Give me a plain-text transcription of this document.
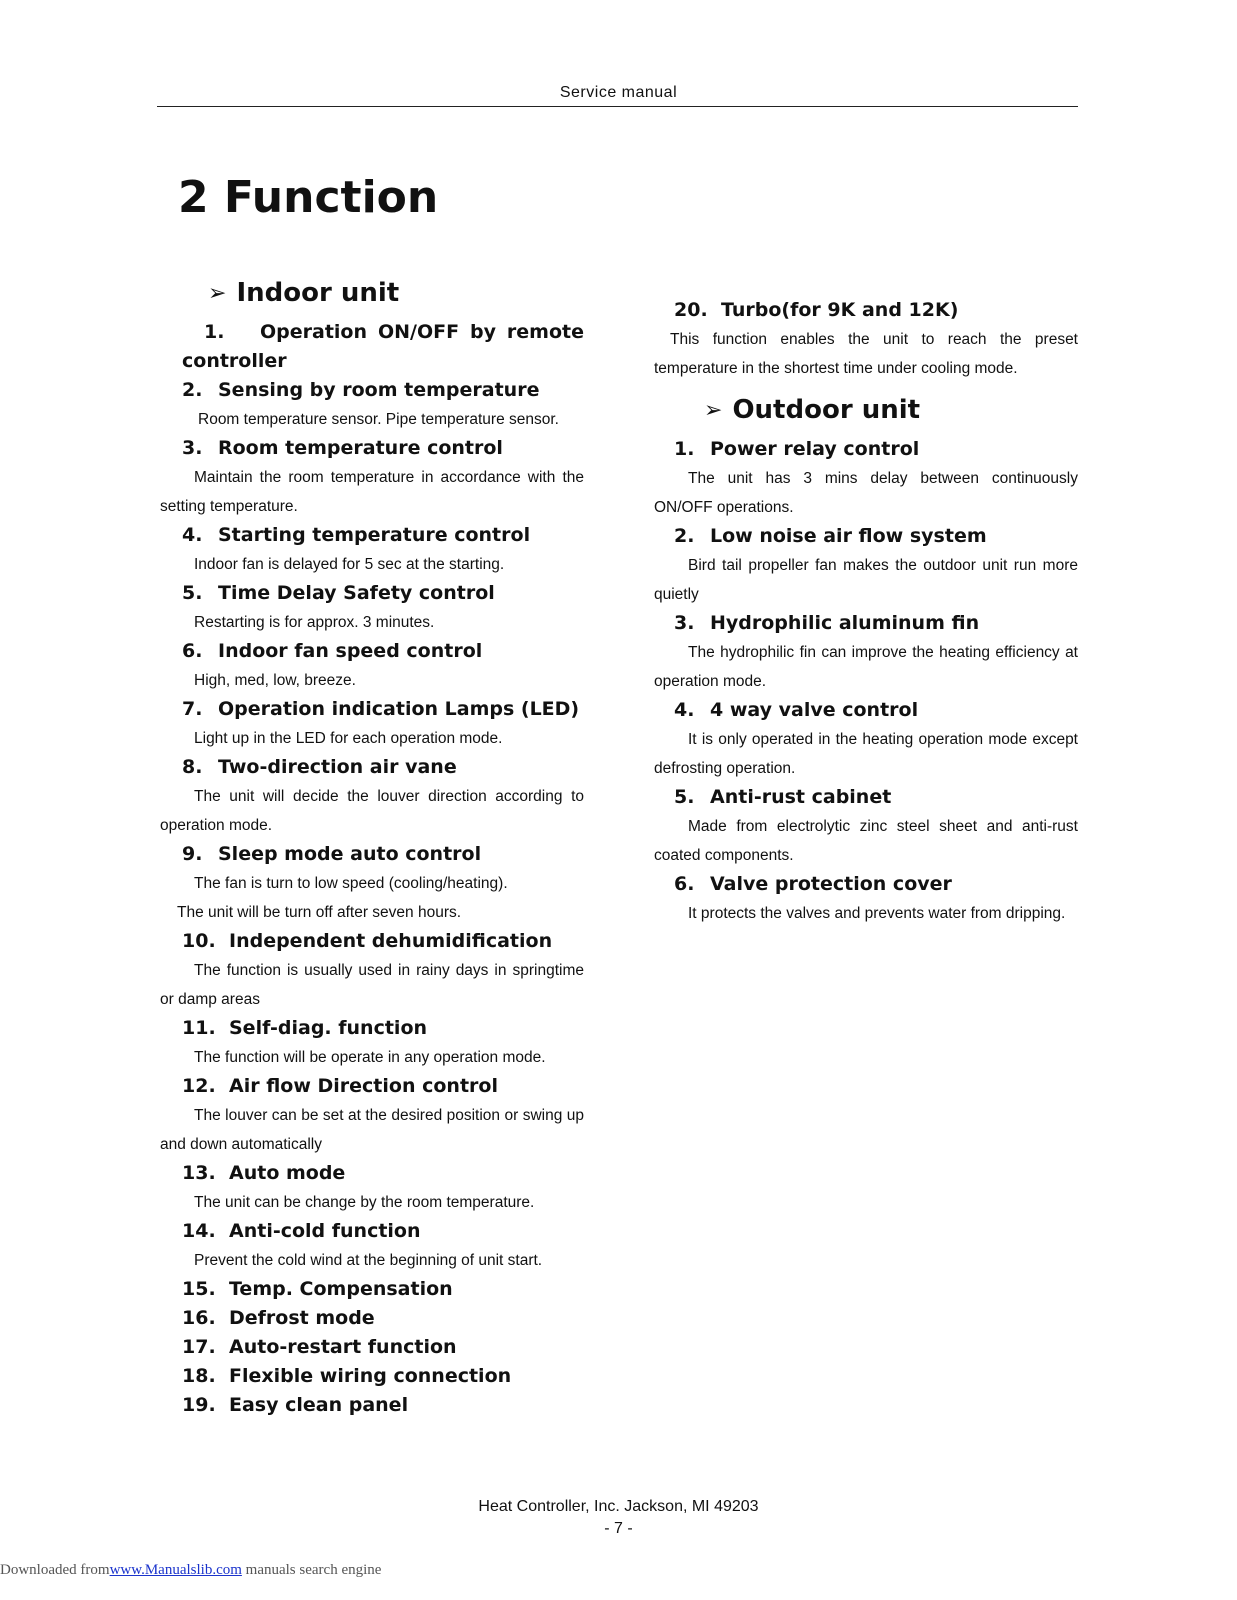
Service manual
2 Function
➢ Indoor unit
1. Operation ON/OFF by remote controller
2. Sensing by room temperature
Room temperature sensor. Pipe temperature sensor.
3. Room temperature control
Maintain the room temperature in accordance with the setting temperature.
4. Starting temperature control
Indoor fan is delayed for 5 sec at the starting.
5. Time Delay Safety control
Restarting is for approx. 3 minutes.
6. Indoor fan speed control
High, med, low, breeze.
7. Operation indication Lamps (LED)
Light up in the LED for each operation mode.
8. Two-direction air vane
The unit will decide the louver direction according to operation mode.
9. Sleep mode auto control
The fan is turn to low speed (cooling/heating).
The unit will be turn off after seven hours.
10. Independent dehumidification
The function is usually used in rainy days in springtime or damp areas
11. Self-diag. function
The function will be operate in any operation mode.
12. Air flow Direction control
The louver can be set at the desired position or swing up and down automatically
13. Auto mode
The unit can be change by the room temperature.
14. Anti-cold function
Prevent the cold wind at the beginning of unit start.
15. Temp. Compensation
16. Defrost mode
17. Auto-restart function
18. Flexible wiring connection
19. Easy clean panel
20. Turbo(for 9K and 12K)
This function enables the unit to reach the preset temperature in the shortest time under cooling mode.
➢ Outdoor unit
1. Power relay control
The unit has 3 mins delay between continuously ON/OFF operations.
2. Low noise air flow system
Bird tail propeller fan makes the outdoor unit run more quietly
3. Hydrophilic aluminum fin
The hydrophilic fin can improve the heating efficiency at operation mode.
4. 4 way valve control
It is only operated in the heating operation mode except defrosting operation.
5. Anti-rust cabinet
Made from electrolytic zinc steel sheet and anti-rust coated components.
6. Valve protection cover
It protects the valves and prevents water from dripping.
Heat Controller, Inc. Jackson, MI 49203
- 7 -
Downloaded fromwww.Manualslib.com manuals search engine
